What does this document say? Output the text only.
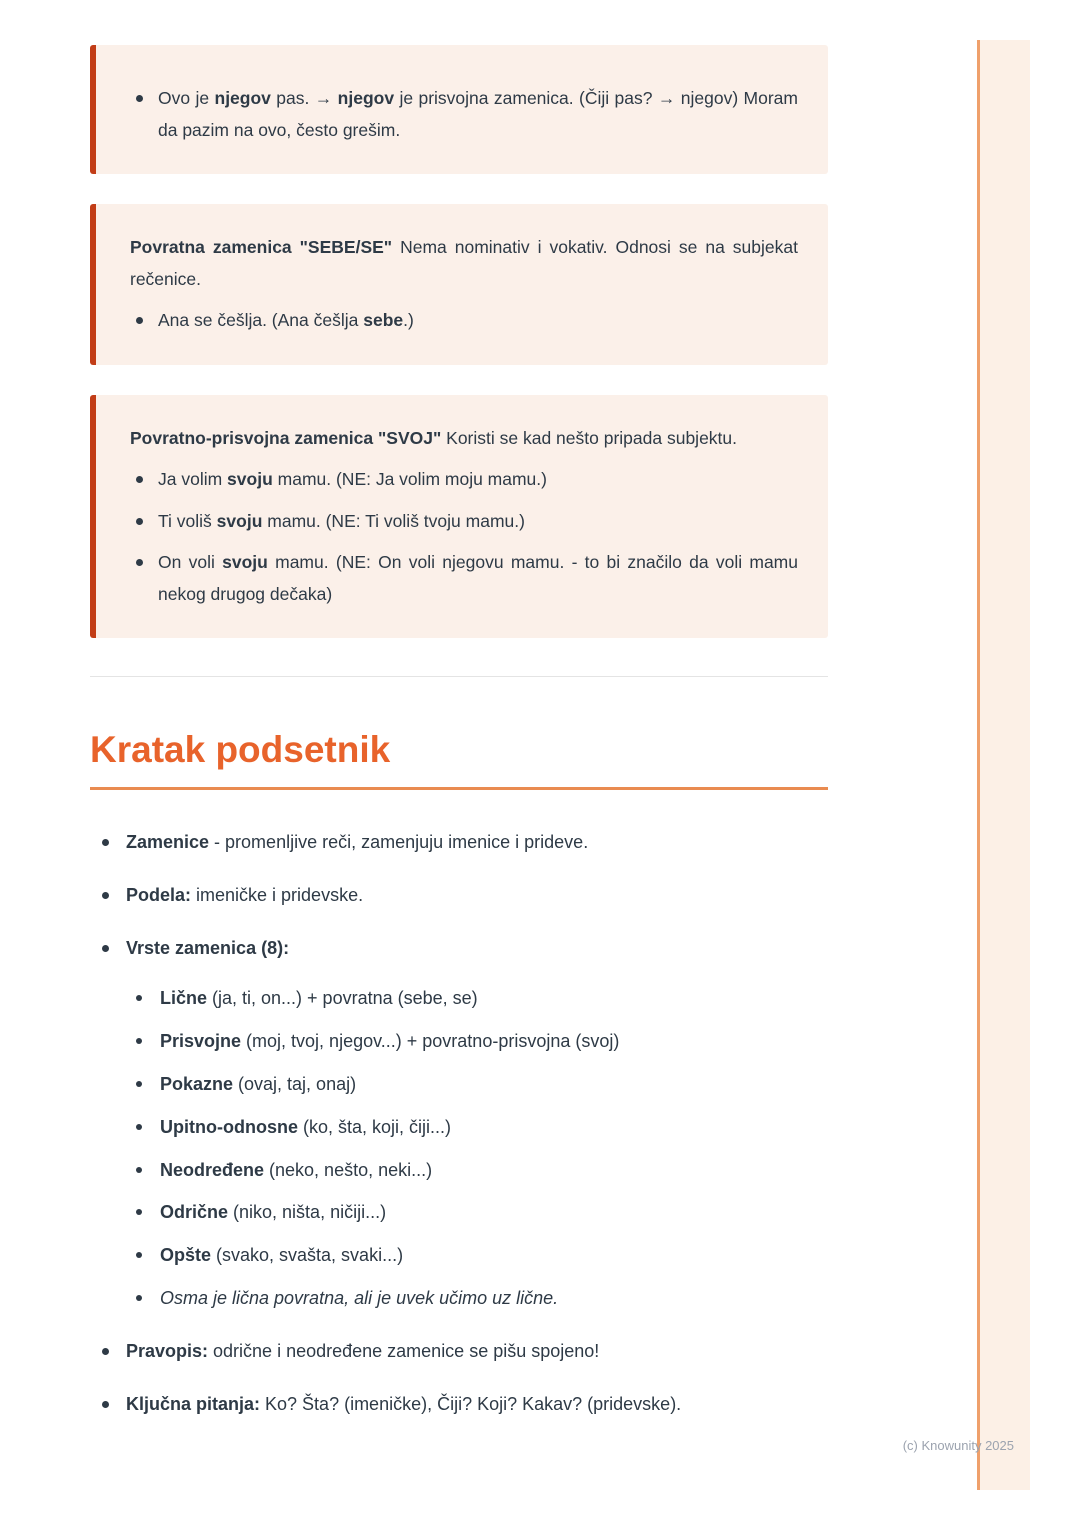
Ovo je njegov pas. → njegov je prisvojna zamenica. (Čiji pas? → njegov) Moram da pazim na ovo, često grešim.

Povratna zamenica "SEBE/SE" Nema nominativ i vokativ. Odnosi se na subjekat rečenice.

Ana se češlja. (Ana češlja sebe.)

Povratno-prisvojna zamenica "SVOJ" Koristi se kad nešto pripada subjektu.

Ja volim svoju mamu. (NE: Ja volim moju mamu.)
Ti voliš svoju mamu. (NE: Ti voliš tvoju mamu.)
On voli svoju mamu. (NE: On voli njegovu mamu. - to bi značilo da voli mamu nekog drugog dečaka)
Kratak podsetnik
Zamenice - promenljive reči, zamenjuju imenice i prideve.
Podela: imeničke i pridevske.
Vrste zamenica (8):
Lične (ja, ti, on...) + povratna (sebe, se)
Prisvojne (moj, tvoj, njegov...) + povratno-prisvojna (svoj)
Pokazne (ovaj, taj, onaj)
Upitno-odnosne (ko, šta, koji, čiji...)
Neodređene (neko, nešto, neki...)
Odrične (niko, ništa, ničiji...)
Opšte (svako, svašta, svaki...)
Osma je lična povratna, ali je uvek učimo uz lične.
Pravopis: odrične i neodređene zamenice se pišu spojeno!
Ključna pitanja: Ko? Šta? (imeničke), Čiji? Koji? Kakav? (pridevske).
(c) Knowunity 2025
